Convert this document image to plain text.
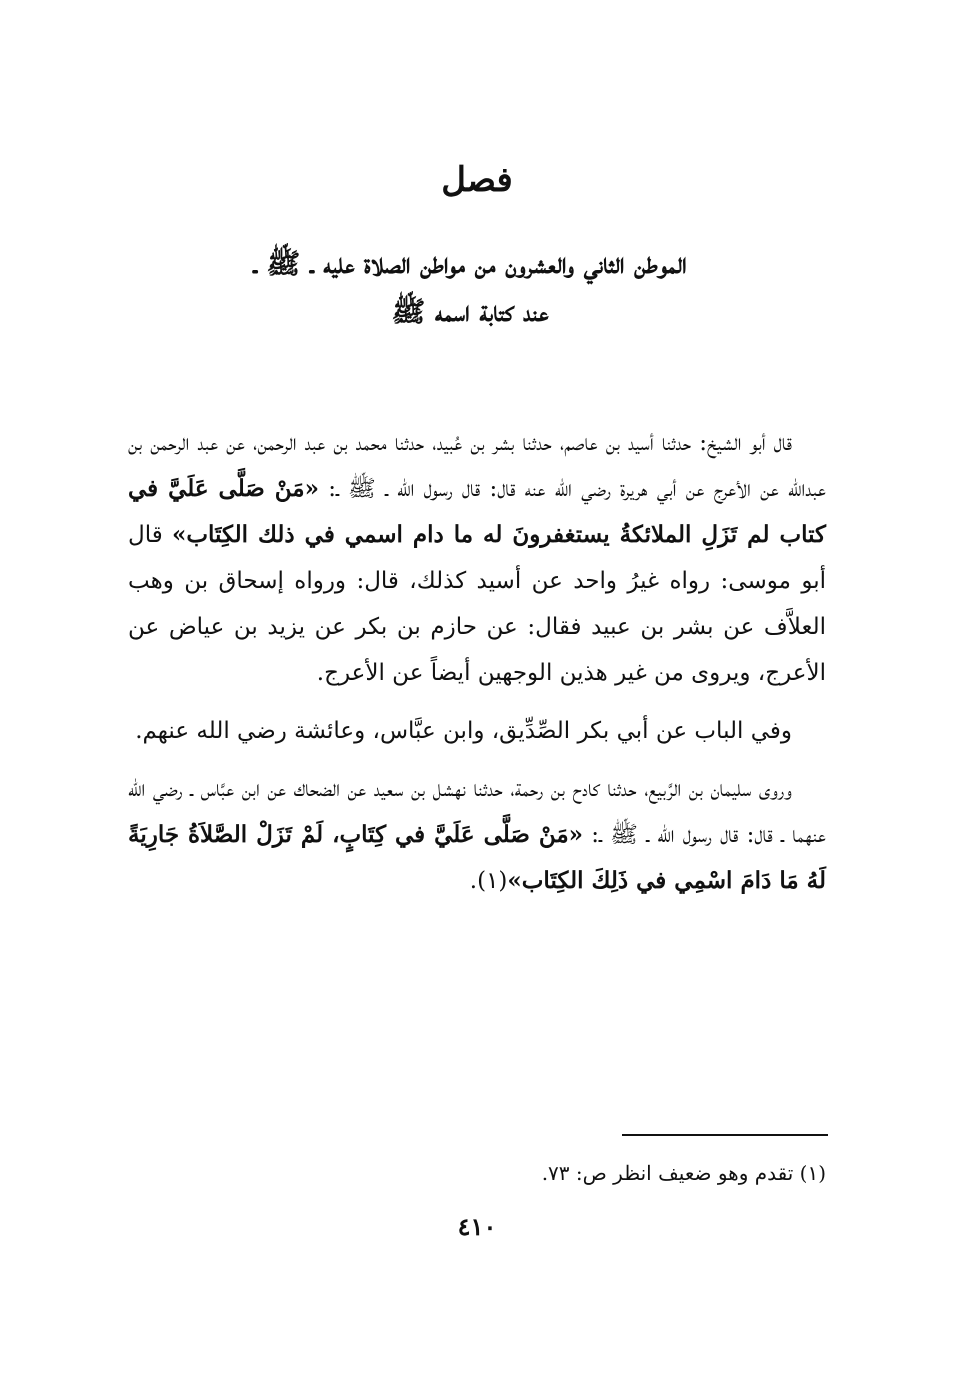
فصل
الموطن الثاني والعشرون من مواطن الصلاة عليه ـ ﷺ ـ
عند كتابة اسمه ﷺ

قال أبو الشيخ: حدثنا أسيد بن عاصم، حدثنا بشر بن عُبيد، حدثنا محمد بن عبد الرحمن، عن عبد الرحمن بن عبدالله عن الأعرج عن أبي هريرة رضي الله عنه قال: قال رسول الله ـ ﷺ ـ: «مَنْ صَلَّى عَلَيَّ في كتاب لم تَزَلِ الملائكةُ يستغفرونَ له ما دام اسمي في ذلك الكِتَاب» قال أبو موسى: رواه غيرُ واحد عن أسيد كذلك، قال: ورواه إسحاق بن وهب العلاَّف عن بشر بن عبيد فقال: عن حازم بن بكر عن يزيد بن عياض عن الأعرج، ويروى من غير هذين الوجهين أيضاً عن الأعرج.

وفي الباب عن أبي بكر الصِّدِّيق، وابن عبَّاس، وعائشة رضي الله عنهم.

وروى سليمان بن الرَّبيع، حدثنا كادح بن رحمة، حدثنا نهشل بن سعيد عن الضحاك عن ابن عبَّاس ـ رضي الله عنهما ـ قال: قال رسول الله ـ ﷺ ـ: «مَنْ صَلَّى عَلَيَّ في كِتَابٍ، لَمْ تَزَلْ الصَّلاَةُ جَارِيَةً لَهُ مَا دَامَ اسْمِي في ذَلِكَ الكِتَاب»(١).

(١) تقدم وهو ضعيف انظر ص: ٧٣.
٤١٠
